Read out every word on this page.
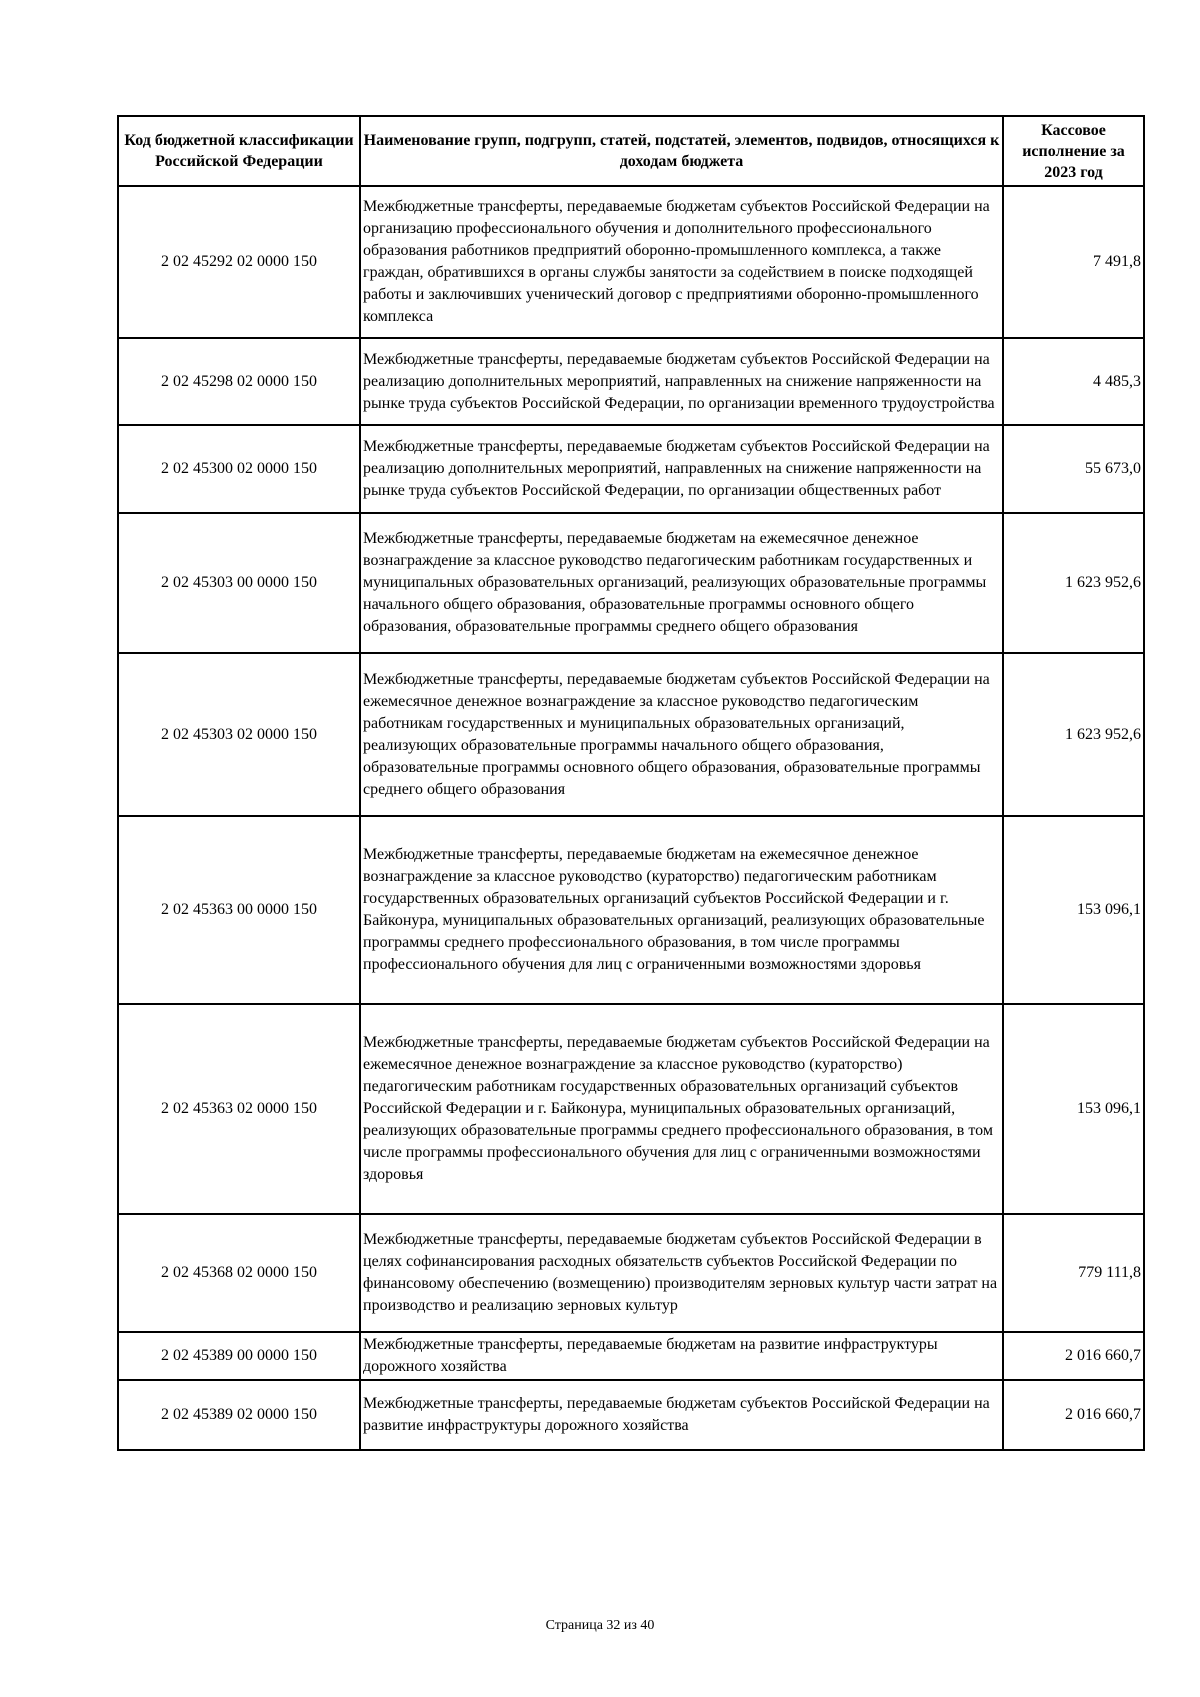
Код бюджетной классификации Российской Федерации	Наименование групп, подгрупп, статей, подстатей, элементов, подвидов, относящихся к доходам бюджета	Кассовое исполнение за 2023 год
2 02 45292 02 0000 150	Межбюджетные трансферты, передаваемые бюджетам субъектов Российской Федерации на организацию профессионального обучения и дополнительного профессионального образования работников предприятий оборонно-промышленного комплекса, а также граждан, обратившихся в органы службы занятости за содействием в поиске подходящей работы и заключивших ученический договор с предприятиями оборонно-промышленного комплекса	7 491,8
2 02 45298 02 0000 150	Межбюджетные трансферты, передаваемые бюджетам субъектов Российской Федерации на реализацию дополнительных мероприятий, направленных на снижение напряженности на рынке труда субъектов Российской Федерации, по организации временного трудоустройства	4 485,3
2 02 45300 02 0000 150	Межбюджетные трансферты, передаваемые бюджетам субъектов Российской Федерации на реализацию дополнительных мероприятий, направленных на снижение напряженности на рынке труда субъектов Российской Федерации, по организации общественных работ	55 673,0
2 02 45303 00 0000 150	Межбюджетные трансферты, передаваемые бюджетам на ежемесячное денежное вознаграждение за классное руководство педагогическим работникам государственных и муниципальных образовательных организаций, реализующих образовательные программы начального общего образования, образовательные программы основного общего образования, образовательные программы среднего общего образования	1 623 952,6
2 02 45303 02 0000 150	Межбюджетные трансферты, передаваемые бюджетам субъектов Российской Федерации на ежемесячное денежное вознаграждение за классное руководство педагогическим работникам государственных и муниципальных образовательных организаций, реализующих образовательные программы начального общего образования, образовательные программы основного общего образования, образовательные программы среднего общего образования	1 623 952,6
2 02 45363 00 0000 150	Межбюджетные трансферты, передаваемые бюджетам на ежемесячное денежное вознаграждение за классное руководство (кураторство) педагогическим работникам государственных образовательных организаций субъектов Российской Федерации и г. Байконура, муниципальных образовательных организаций, реализующих образовательные программы среднего профессионального образования, в том числе программы профессионального обучения для лиц с ограниченными возможностями здоровья	153 096,1
2 02 45363 02 0000 150	Межбюджетные трансферты, передаваемые бюджетам субъектов Российской Федерации на ежемесячное денежное вознаграждение за классное руководство (кураторство) педагогическим работникам государственных образовательных организаций субъектов Российской Федерации и г. Байконура, муниципальных образовательных организаций, реализующих образовательные программы среднего профессионального образования, в том числе программы профессионального обучения для лиц с ограниченными возможностями здоровья	153 096,1
2 02 45368 02 0000 150	Межбюджетные трансферты, передаваемые бюджетам субъектов Российской Федерации в целях софинансирования расходных обязательств субъектов Российской Федерации по финансовому обеспечению (возмещению) производителям зерновых культур части затрат на производство и реализацию зерновых культур	779 111,8
2 02 45389 00 0000 150	Межбюджетные трансферты, передаваемые бюджетам на развитие инфраструктуры дорожного хозяйства	2 016 660,7
2 02 45389 02 0000 150	Межбюджетные трансферты, передаваемые бюджетам субъектов Российской Федерации на развитие инфраструктуры дорожного хозяйства	2 016 660,7
Страница 32 из 40
